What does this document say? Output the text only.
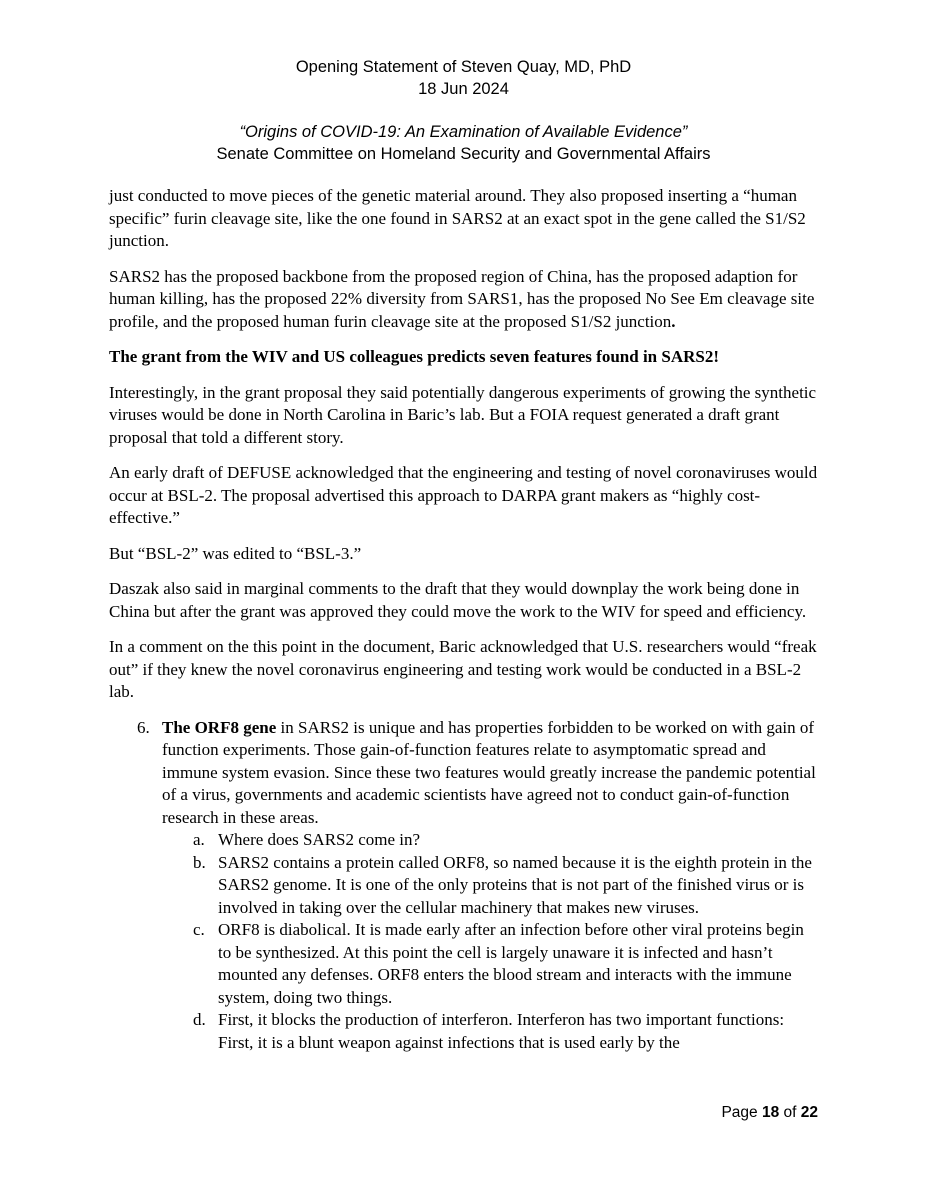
Opening Statement of Steven Quay, MD, PhD
18 Jun 2024
“Origins of COVID-19: An Examination of Available Evidence”
Senate Committee on Homeland Security and Governmental Affairs

just conducted to move pieces of the genetic material around. They also proposed inserting a “human specific” furin cleavage site, like the one found in SARS2 at an exact spot in the gene called the S1/S2 junction.

SARS2 has the proposed backbone from the proposed region of China, has the proposed adaption for human killing, has the proposed 22% diversity from SARS1, has the proposed No See Em cleavage site profile, and the proposed human furin cleavage site at the proposed S1/S2 junction.

The grant from the WIV and US colleagues predicts seven features found in SARS2!

Interestingly, in the grant proposal they said potentially dangerous experiments of growing the synthetic viruses would be done in North Carolina in Baric’s lab. But a FOIA request generated a draft grant proposal that told a different story.

An early draft of DEFUSE acknowledged that the engineering and testing of novel coronaviruses would occur at BSL-2. The proposal advertised this approach to DARPA grant makers as “highly cost-effective.”

But “BSL-2” was edited to “BSL-3.”

Daszak also said in marginal comments to the draft that they would downplay the work being done in China but after the grant was approved they could move the work to the WIV for speed and efficiency.

In a comment on the this point in the document, Baric acknowledged that U.S. researchers would “freak out” if they knew the novel coronavirus engineering and testing work would be conducted in a BSL-2 lab.

6. The ORF8 gene in SARS2 is unique and has properties forbidden to be worked on with gain of function experiments. Those gain-of-function features relate to asymptomatic spread and immune system evasion. Since these two features would greatly increase the pandemic potential of a virus, governments and academic scientists have agreed not to conduct gain-of-function research in these areas.
a. Where does SARS2 come in?
b. SARS2 contains a protein called ORF8, so named because it is the eighth protein in the SARS2 genome. It is one of the only proteins that is not part of the finished virus or is involved in taking over the cellular machinery that makes new viruses.
c. ORF8 is diabolical. It is made early after an infection before other viral proteins begin to be synthesized. At this point the cell is largely unaware it is infected and hasn’t mounted any defenses. ORF8 enters the blood stream and interacts with the immune system, doing two things.
d. First, it blocks the production of interferon. Interferon has two important functions: First, it is a blunt weapon against infections that is used early by the
Page 18 of 22
